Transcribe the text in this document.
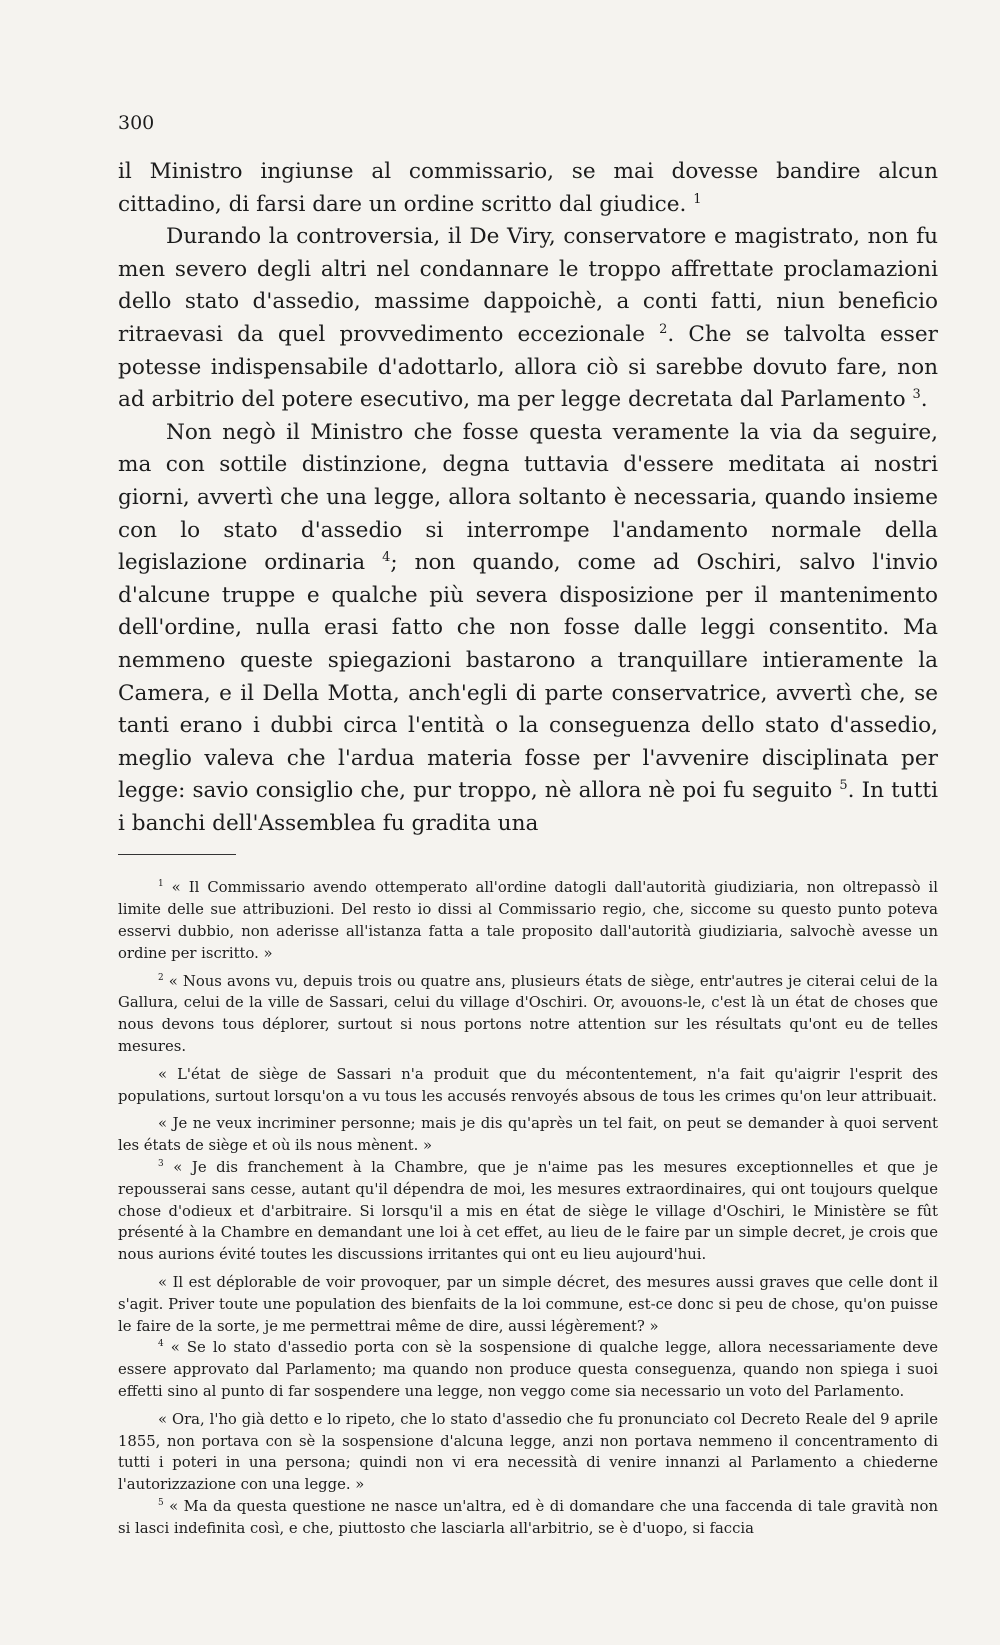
300

il Ministro ingiunse al commissario, se mai dovesse bandire alcun cittadino, di farsi dare un ordine scritto dal giudice. $^1$

Durando la controversia, il De Viry, conservatore e magistrato, non fu men severo degli altri nel condannare le troppo affrettate proclamazioni dello stato d'assedio, massime dappoichè, a conti fatti, niun beneficio ritraevasi da quel provvedimento eccezionale $^2$. Che se talvolta esser potesse indispensabile d'adottarlo, allora ciò si sarebbe dovuto fare, non ad arbitrio del potere esecutivo, ma per legge decretata dal Parlamento $^3$.

Non negò il Ministro che fosse questa veramente la via da seguire, ma con sottile distinzione, degna tuttavia d'essere meditata ai nostri giorni, avvertì che una legge, allora soltanto è necessaria, quando insieme con lo stato d'assedio si interrompe l'andamento normale della legislazione ordinaria $^4$; non quando, come ad Oschiri, salvo l'invio d'alcune truppe e qualche più severa disposizione per il mantenimento dell'ordine, nulla erasi fatto che non fosse dalle leggi consentito. Ma nemmeno queste spiegazioni bastarono a tranquillare intieramente la Camera, e il Della Motta, anch'egli di parte conservatrice, avvertì che, se tanti erano i dubbi circa l'entità o la conseguenza dello stato d'assedio, meglio valeva che l'ardua materia fosse per l'avvenire disciplinata per legge: savio consiglio che, pur troppo, nè allora nè poi fu seguito $^5$. In tutti i banchi dell'Assemblea fu gradita una

$^1$ « Il Commissario avendo ottemperato all'ordine datogli dall'autorità giudiziaria, non oltrepassò il limite delle sue attribuzioni. Del resto io dissi al Commissario regio, che, siccome su questo punto poteva esservi dubbio, non aderisse all'istanza fatta a tale proposito dall'autorità giudiziaria, salvochè avesse un ordine per iscritto. »

$^2$ « Nous avons vu, depuis trois ou quatre ans, plusieurs états de siège, entr'autres je citerai celui de la Gallura, celui de la ville de Sassari, celui du village d'Oschiri. Or, avouons-le, c'est là un état de choses que nous devons tous déplorer, surtout si nous portons notre attention sur les résultats qu'ont eu de telles mesures.

« L'état de siège de Sassari n'a produit que du mécontentement, n'a fait qu'aigrir l'esprit des populations, surtout lorsqu'on a vu tous les accusés renvoyés absous de tous les crimes qu'on leur attribuait.

« Je ne veux incriminer personne; mais je dis qu'après un tel fait, on peut se demander à quoi servent les états de siège et où ils nous mènent. »

$^3$ « Je dis franchement à la Chambre, que je n'aime pas les mesures exceptionnelles et que je repousserai sans cesse, autant qu'il dépendra de moi, les mesures extraordinaires, qui ont toujours quelque chose d'odieux et d'arbitraire. Si lorsqu'il a mis en état de siège le village d'Oschiri, le Ministère se fût présenté à la Chambre en demandant une loi à cet effet, au lieu de le faire par un simple decret, je crois que nous aurions évité toutes les discussions irritantes qui ont eu lieu aujourd'hui.

« Il est déplorable de voir provoquer, par un simple décret, des mesures aussi graves que celle dont il s'agit. Priver toute une population des bienfaits de la loi commune, est-ce donc si peu de chose, qu'on puisse le faire de la sorte, je me permettrai même de dire, aussi légèrement? »

$^4$ « Se lo stato d'assedio porta con sè la sospensione di qualche legge, allora necessariamente deve essere approvato dal Parlamento; ma quando non produce questa conseguenza, quando non spiega i suoi effetti sino al punto di far sospendere una legge, non veggo come sia necessario un voto del Parlamento.

« Ora, l'ho già detto e lo ripeto, che lo stato d'assedio che fu pronunciato col Decreto Reale del 9 aprile 1855, non portava con sè la sospensione d'alcuna legge, anzi non portava nemmeno il concentramento di tutti i poteri in una persona; quindi non vi era necessità di venire innanzi al Parlamento a chiederne l'autorizzazione con una legge. »

$^5$ « Ma da questa questione ne nasce un'altra, ed è di domandare che una faccenda di tale gravità non si lasci indefinita così, e che, piuttosto che lasciarla all'arbitrio, se è d'uopo, si faccia
